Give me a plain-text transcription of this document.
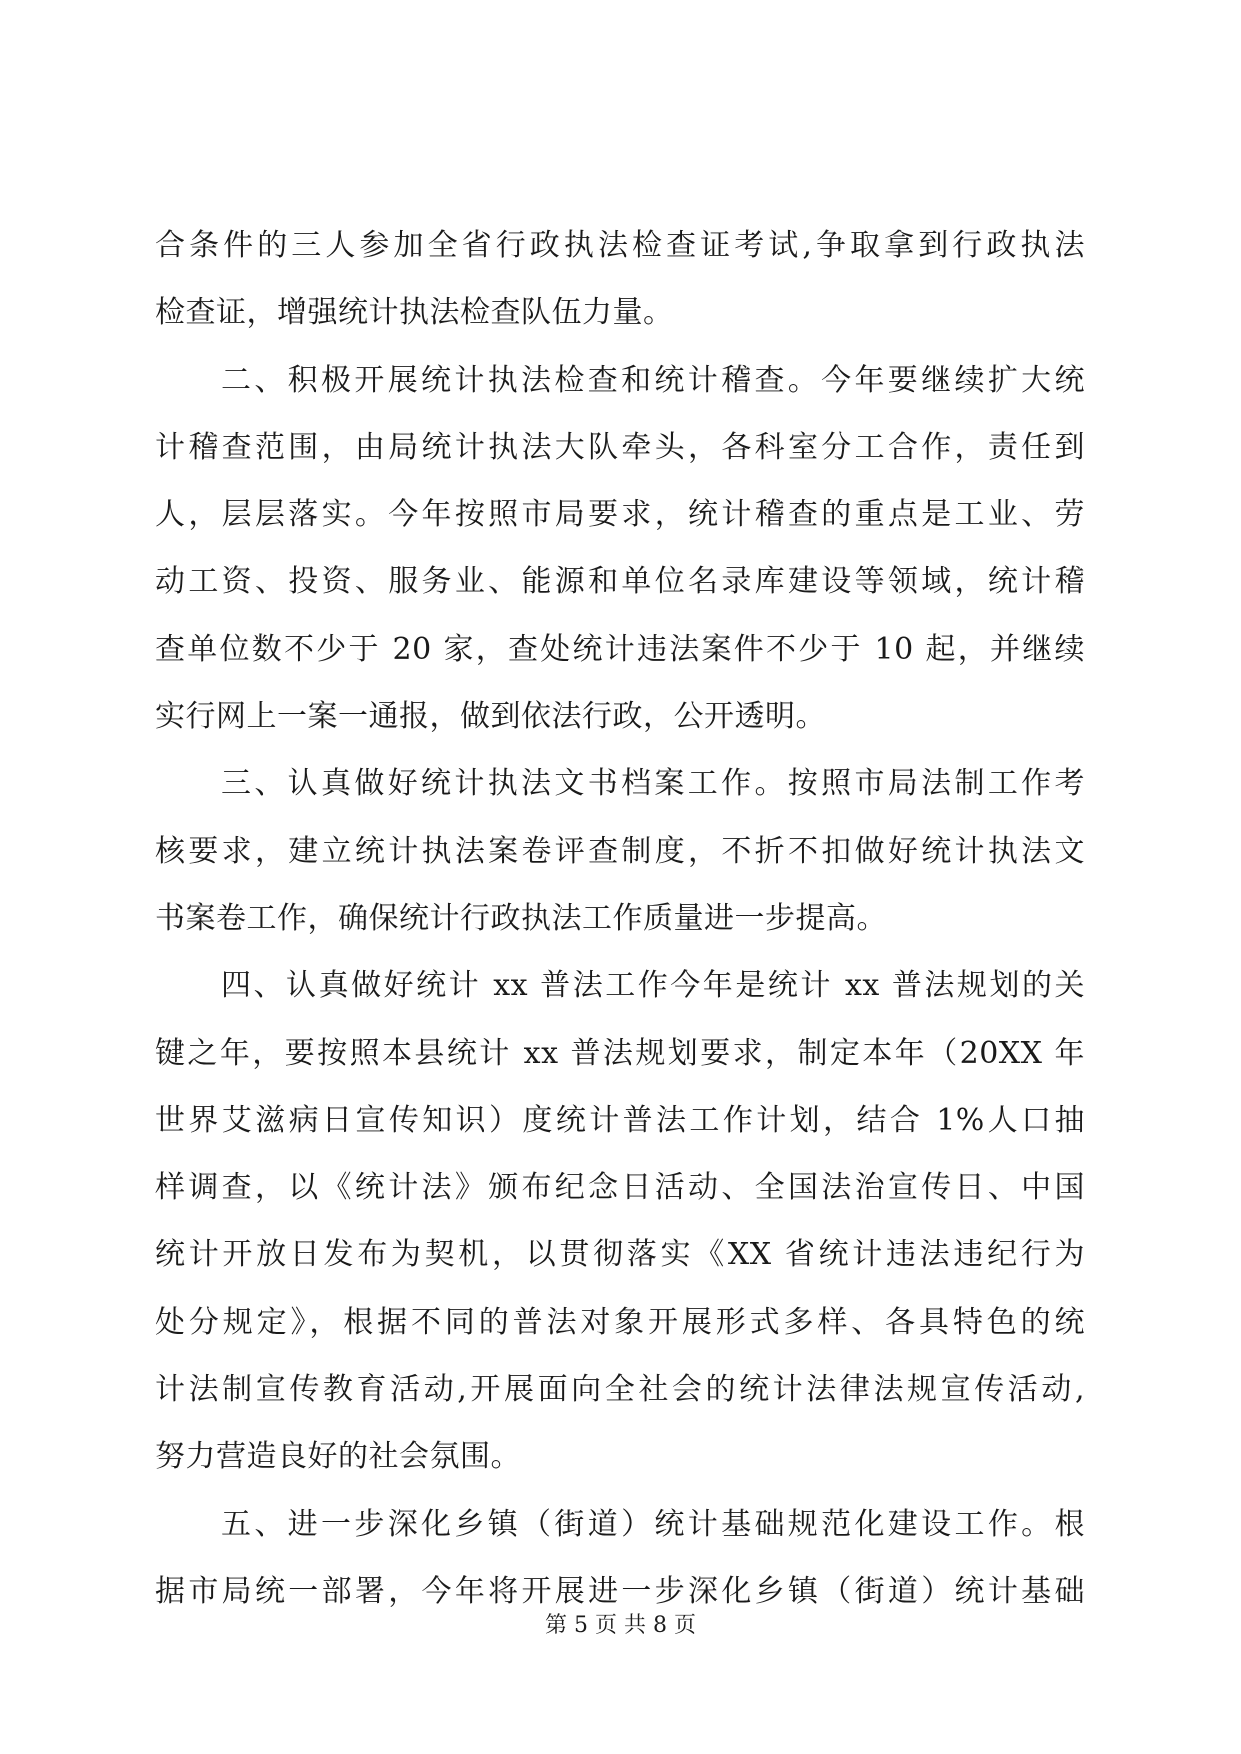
合条件的三人参加全省行政执法检查证考试,争取拿到行政执法
检查证，增强统计执法检查队伍力量。
二、积极开展统计执法检查和统计稽查。今年要继续扩大统
计稽查范围，由局统计执法大队牵头，各科室分工合作，责任到
人，层层落实。今年按照市局要求，统计稽查的重点是工业、劳
动工资、投资、服务业、能源和单位名录库建设等领域，统计稽
查单位数不少于 20 家，查处统计违法案件不少于 10 起，并继续
实行网上一案一通报，做到依法行政，公开透明。
三、认真做好统计执法文书档案工作。按照市局法制工作考
核要求，建立统计执法案卷评查制度，不折不扣做好统计执法文
书案卷工作，确保统计行政执法工作质量进一步提高。
四、认真做好统计 xx 普法工作今年是统计 xx 普法规划的关
键之年，要按照本县统计 xx 普法规划要求，制定本年（20XX 年
世界艾滋病日宣传知识）度统计普法工作计划，结合 1%人口抽
样调查，以《统计法》颁布纪念日活动、全国法治宣传日、中国
统计开放日发布为契机，以贯彻落实《XX 省统计违法违纪行为
处分规定》，根据不同的普法对象开展形式多样、各具特色的统
计法制宣传教育活动,开展面向全社会的统计法律法规宣传活动,
努力营造良好的社会氛围。
五、进一步深化乡镇（街道）统计基础规范化建设工作。根
据市局统一部署，今年将开展进一步深化乡镇（街道）统计基础
第 5 页 共 8 页
